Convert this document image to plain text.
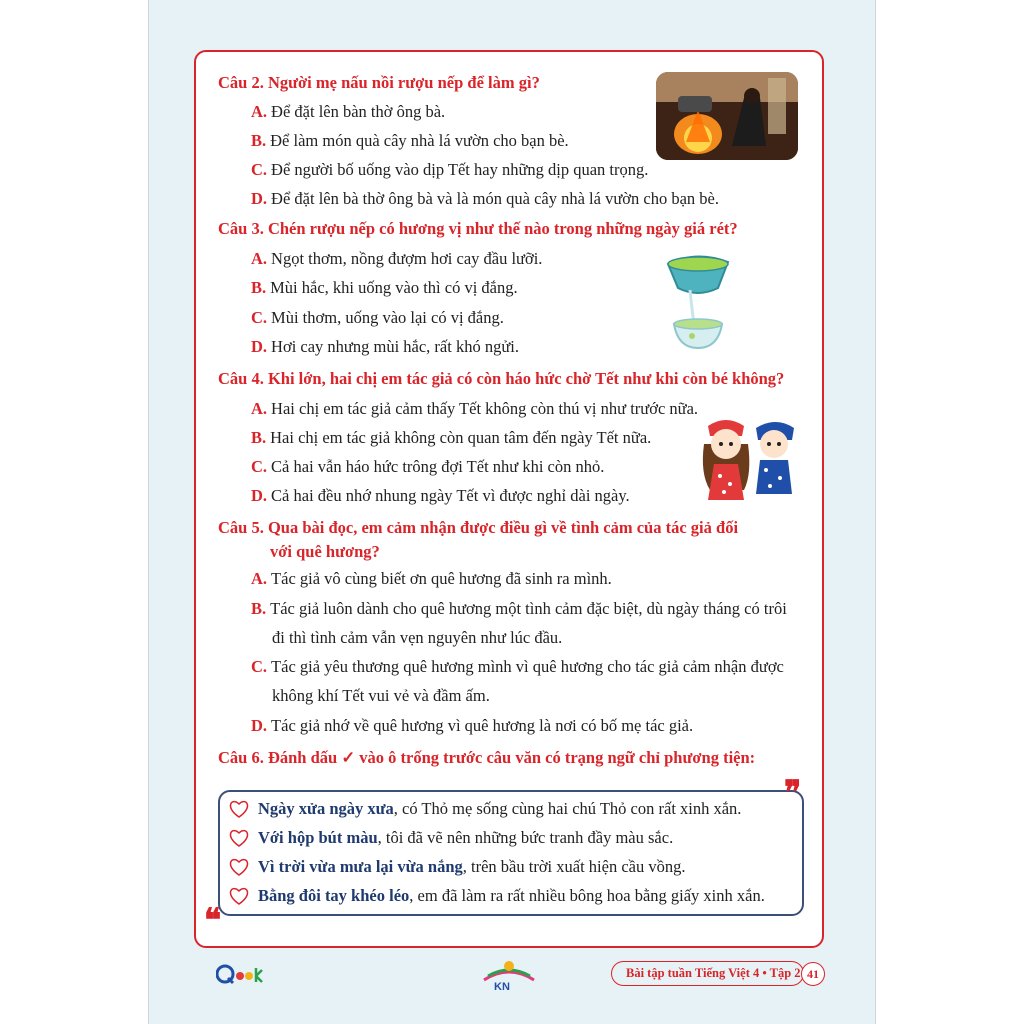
Câu 2. Người mẹ nấu nồi rượu nếp để làm gì?
A. Để đặt lên bàn thờ ông bà.
B. Để làm món quà cây nhà lá vườn cho bạn bè.
C. Để người bố uống vào dịp Tết hay những dịp quan trọng.
D. Để đặt lên bà thờ ông bà và là món quà cây nhà lá vườn cho bạn bè.
Câu 3. Chén rượu nếp có hương vị như thế nào trong những ngày giá rét?
A. Ngọt thơm, nồng đượm hơi cay đầu lưỡi.
B. Mùi hắc, khi uống vào thì có vị đắng.
C. Mùi thơm, uống vào lại có vị đắng.
D. Hơi cay nhưng mùi hắc, rất khó ngửi.
Câu 4. Khi lớn, hai chị em tác giả có còn háo hức chờ Tết như khi còn bé không?
A. Hai chị em tác giả cảm thấy Tết không còn thú vị như trước nữa.
B. Hai chị em tác giả không còn quan tâm đến ngày Tết nữa.
C. Cả hai vẫn háo hức trông đợi Tết như khi còn nhỏ.
D. Cả hai đều nhớ nhung ngày Tết vì được nghỉ dài ngày.
Câu 5. Qua bài đọc, em cảm nhận được điều gì về tình cảm của tác giả đối
với quê hương?
A. Tác giả vô cùng biết ơn quê hương đã sinh ra mình.
B. Tác giả luôn dành cho quê hương một tình cảm đặc biệt, dù ngày tháng có trôi
đi thì tình cảm vẫn vẹn nguyên như lúc đầu.
C. Tác giả yêu thương quê hương mình vì quê hương cho tác giả cảm nhận được
không khí Tết vui vẻ và đầm ấm.
D. Tác giả nhớ về quê hương vì quê hương là nơi có bố mẹ tác giả.
Câu 6. Đánh dấu ✓ vào ô trống trước câu văn có trạng ngữ chỉ phương tiện:
❞
❝
Ngày xửa ngày xưa , có Thỏ mẹ sống cùng hai chú Thỏ con rất xinh xắn.
Với hộp bút màu , tôi đã vẽ nên những bức tranh đầy màu sắc.
Vì trời vừa mưa lại vừa nắng , trên bầu trời xuất hiện cầu vồng.
Bằng đôi tay khéo léo , em đã làm ra rất nhiều bông hoa bằng giấy xinh xắn.
KN
Bài tập tuần Tiếng Việt 4 • Tập 2 41
